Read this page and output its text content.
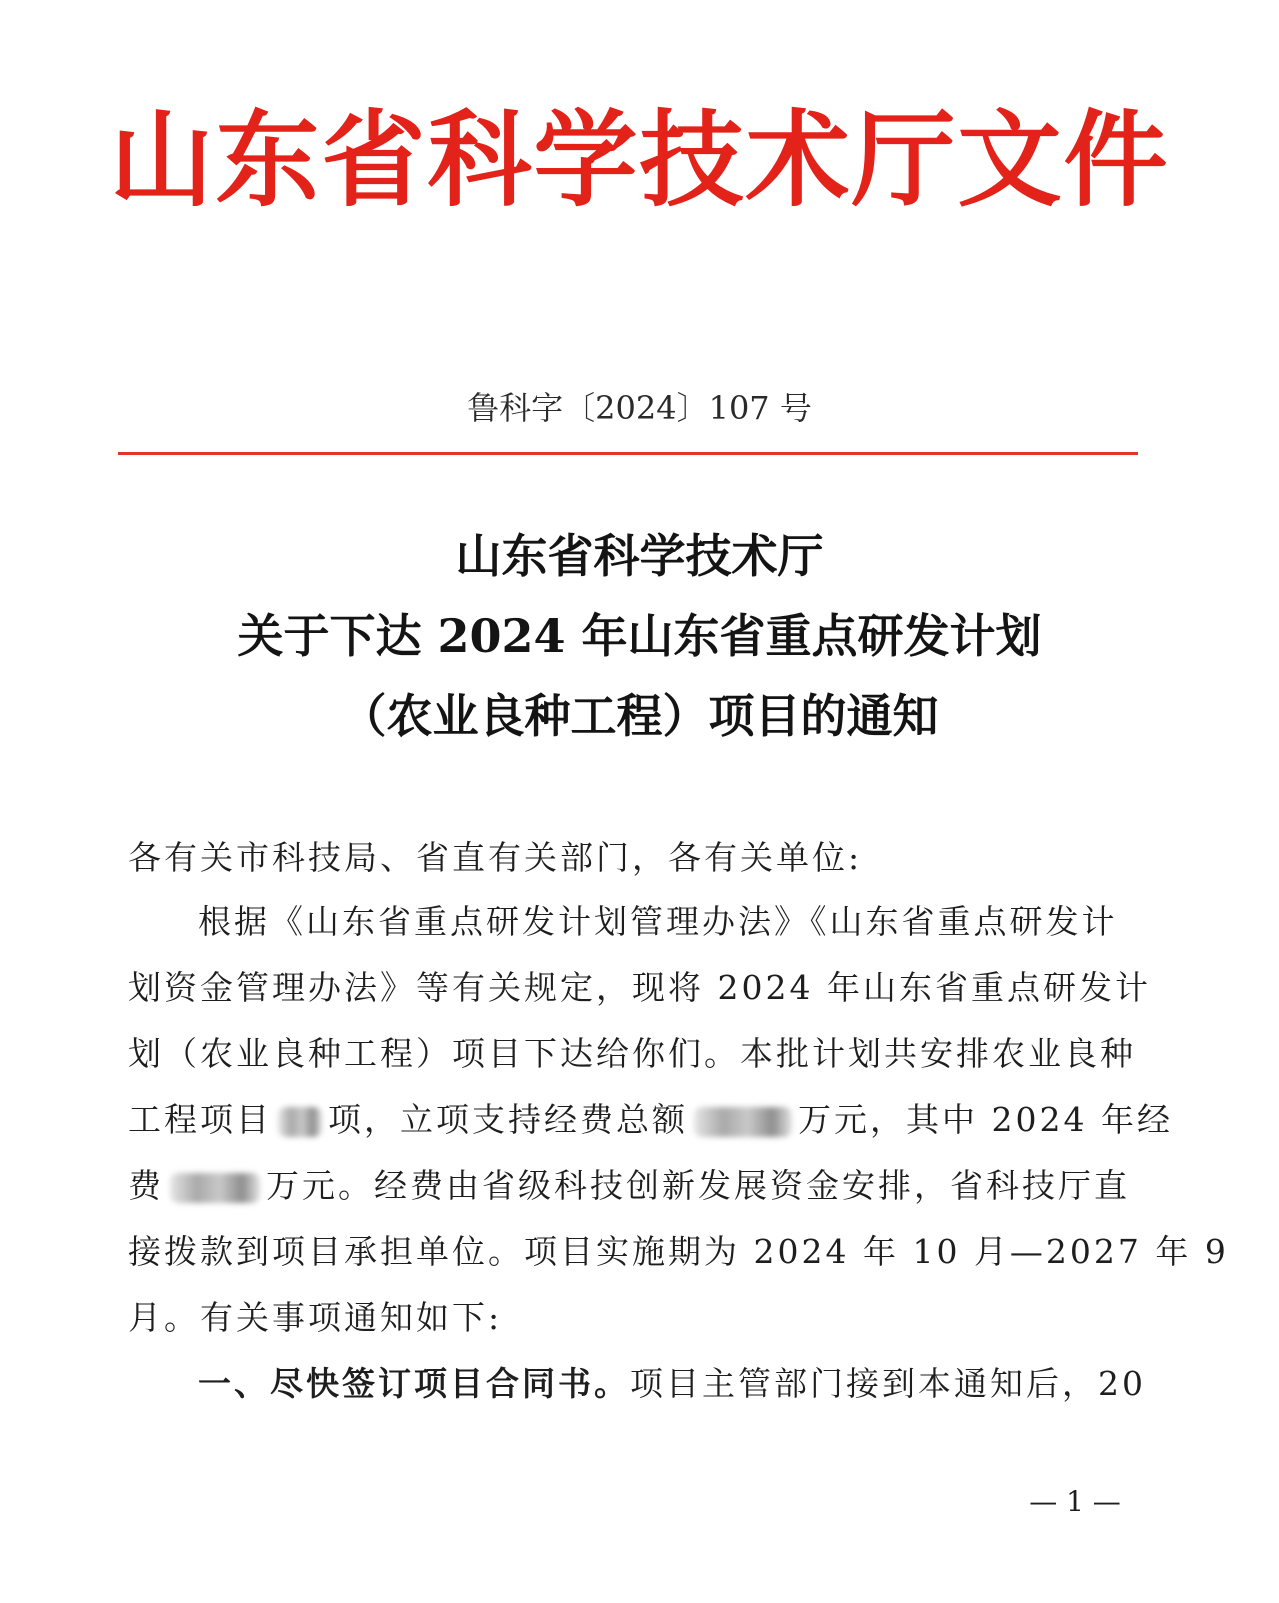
山东省科学技术厅文件
鲁科字〔2024〕107 号
山东省科学技术厅
关于下达 2024 年山东省重点研发计划
（农业良种工程）项目的通知
各有关市科技局、省直有关部门，各有关单位:
根据《山东省重点研发计划管理办法》《山东省重点研发计
划资金管理办法》等有关规定，现将 2024 年山东省重点研发计
划（农业良种工程）项目下达给你们。本批计划共安排农业良种
工程项目 项，立项支持经费总额	万元，其中 2024 年经
费	万元。经费由省级科技创新发展资金安排，省科技厅直
接拨款到项目承担单位。项目实施期为 2024 年 10 月—2027 年 9
月。有关事项通知如下:
一、尽快签订项目合同书。项目主管部门接到本通知后，20
— 1 —
